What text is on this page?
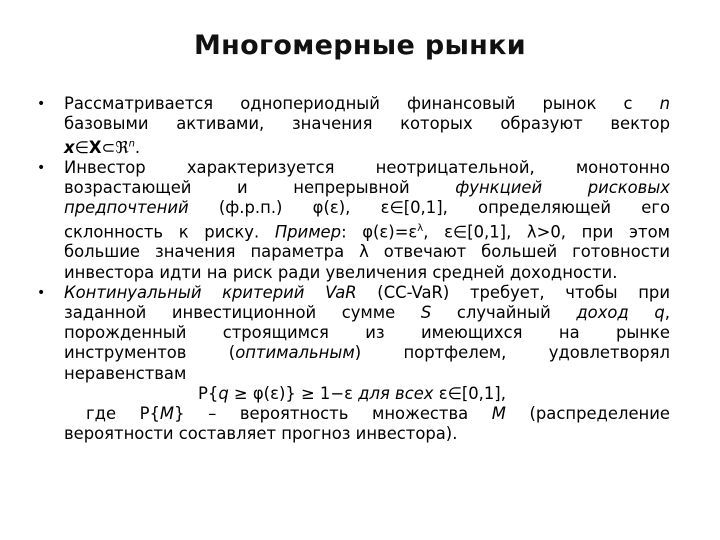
Многомерные рынки
• Рассматривается однопериодный финансовый рынок с n
базовыми активами, значения которых образуют вектор
x∈X⊂ℜ$^n$.
• Инвестор характеризуется неотрицательной, монотонно
возрастающей и непрерывной функцией рисковых
предпочтений (ф.р.п.) φ(ε), ε∈[0,1], определяющей его
склонность к риску. Пример: $\varphi(\varepsilon)=\varepsilon^\lambda$, ε∈[0,1], λ>0, при этом
большие значения параметра λ отвечают большей готовности
инвестора идти на риск ради увеличения средней доходности.
• Континуальный критерий VaR (CC-VaR) требует, чтобы при
заданной инвестиционной сумме S случайный доход q,
порожденный строящимся из имеющихся на рынке
инструментов (оптимальным) портфелем, удовлетворял
неравенствам
P{q ≥ φ(ε)} ≥ 1−ε для всех ε∈[0,1],
где P{M} – вероятность множества M (распределение
вероятности составляет прогноз инвестора).
